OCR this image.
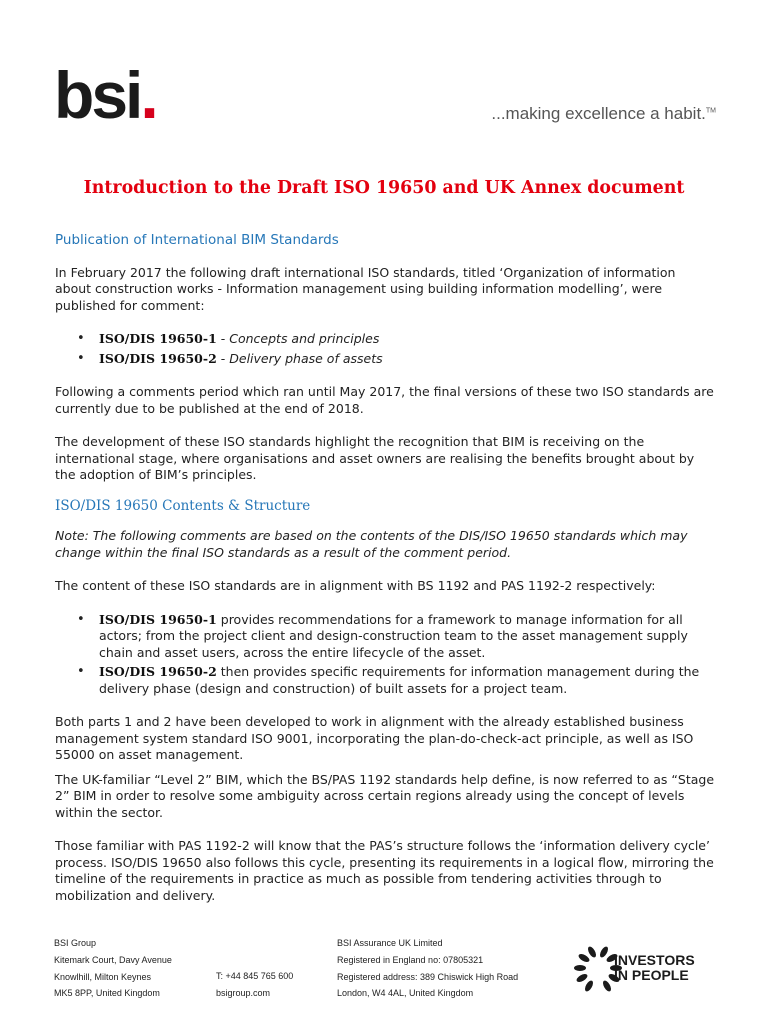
bsi.	...making excellence a habit.™
Introduction to the Draft ISO 19650 and UK Annex document
Publication of International BIM Standards

In February 2017 the following draft international ISO standards, titled ‘Organization of information about construction works - Information management using building information modelling’, were published for comment:

• ISO/DIS 19650-1 - Concepts and principles
• ISO/DIS 19650-2 - Delivery phase of assets

Following a comments period which ran until May 2017, the final versions of these two ISO standards are currently due to be published at the end of 2018.

The development of these ISO standards highlight the recognition that BIM is receiving on the international stage, where organisations and asset owners are realising the benefits brought about by the adoption of BIM’s principles.

ISO/DIS 19650 Contents & Structure

Note: The following comments are based on the contents of the DIS/ISO 19650 standards which may change within the final ISO standards as a result of the comment period.

The content of these ISO standards are in alignment with BS 1192 and PAS 1192-2 respectively:

• ISO/DIS 19650-1 provides recommendations for a framework to manage information for all actors; from the project client and design-construction team to the asset management supply chain and asset users, across the entire lifecycle of the asset.
• ISO/DIS 19650-2 then provides specific requirements for information management during the delivery phase (design and construction) of built assets for a project team.

Both parts 1 and 2 have been developed to work in alignment with the already established business management system standard ISO 9001, incorporating the plan-do-check-act principle, as well as ISO 55000 on asset management.

The UK-familiar “Level 2” BIM, which the BS/PAS 1192 standards help define, is now referred to as “Stage 2” BIM in order to resolve some ambiguity across certain regions already using the concept of levels within the sector.

Those familiar with PAS 1192-2 will know that the PAS’s structure follows the ‘information delivery cycle’ process. ISO/DIS 19650 also follows this cycle, presenting its requirements in a logical flow, mirroring the timeline of the requirements in practice as much as possible from tendering activities through to mobilization and delivery.

BSI Group
Kitemark Court, Davy Avenue
Knowlhill, Milton Keynes
MK5 8PP, United Kingdom
T: +44 845 765 600
bsigroup.com
BSI Assurance UK Limited
Registered in England no: 07805321
Registered address: 389 Chiswick High Road
London, W4 4AL, United Kingdom
INVESTORS
IN PEOPLE
